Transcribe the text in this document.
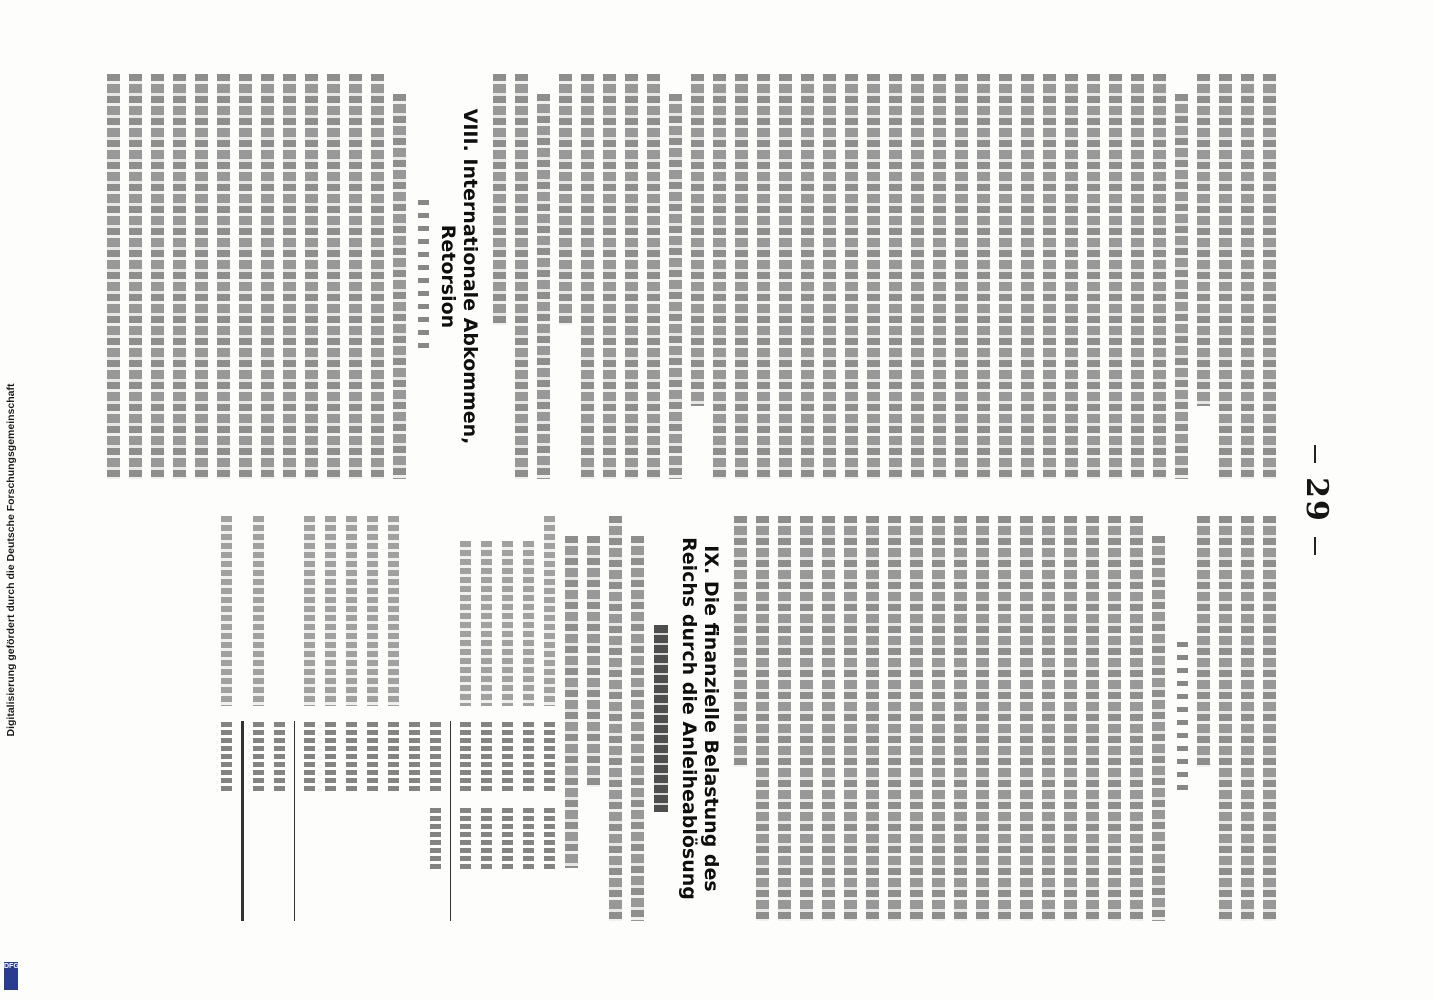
29
VIII. Internationale Abkommen, Retorsion
IX. Die finanzielle Belastung des Reichs durch die Anleiheablösung
Digitalisierung gefördert durch die Deutsche Forschungsgemeinschaft
DFG
